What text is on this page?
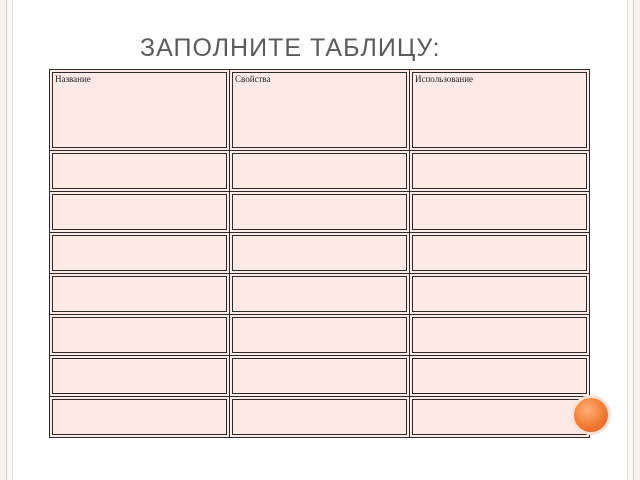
ЗАПОЛНИТЕ ТАБЛИЦУ:
Название	Свойства	Использование
